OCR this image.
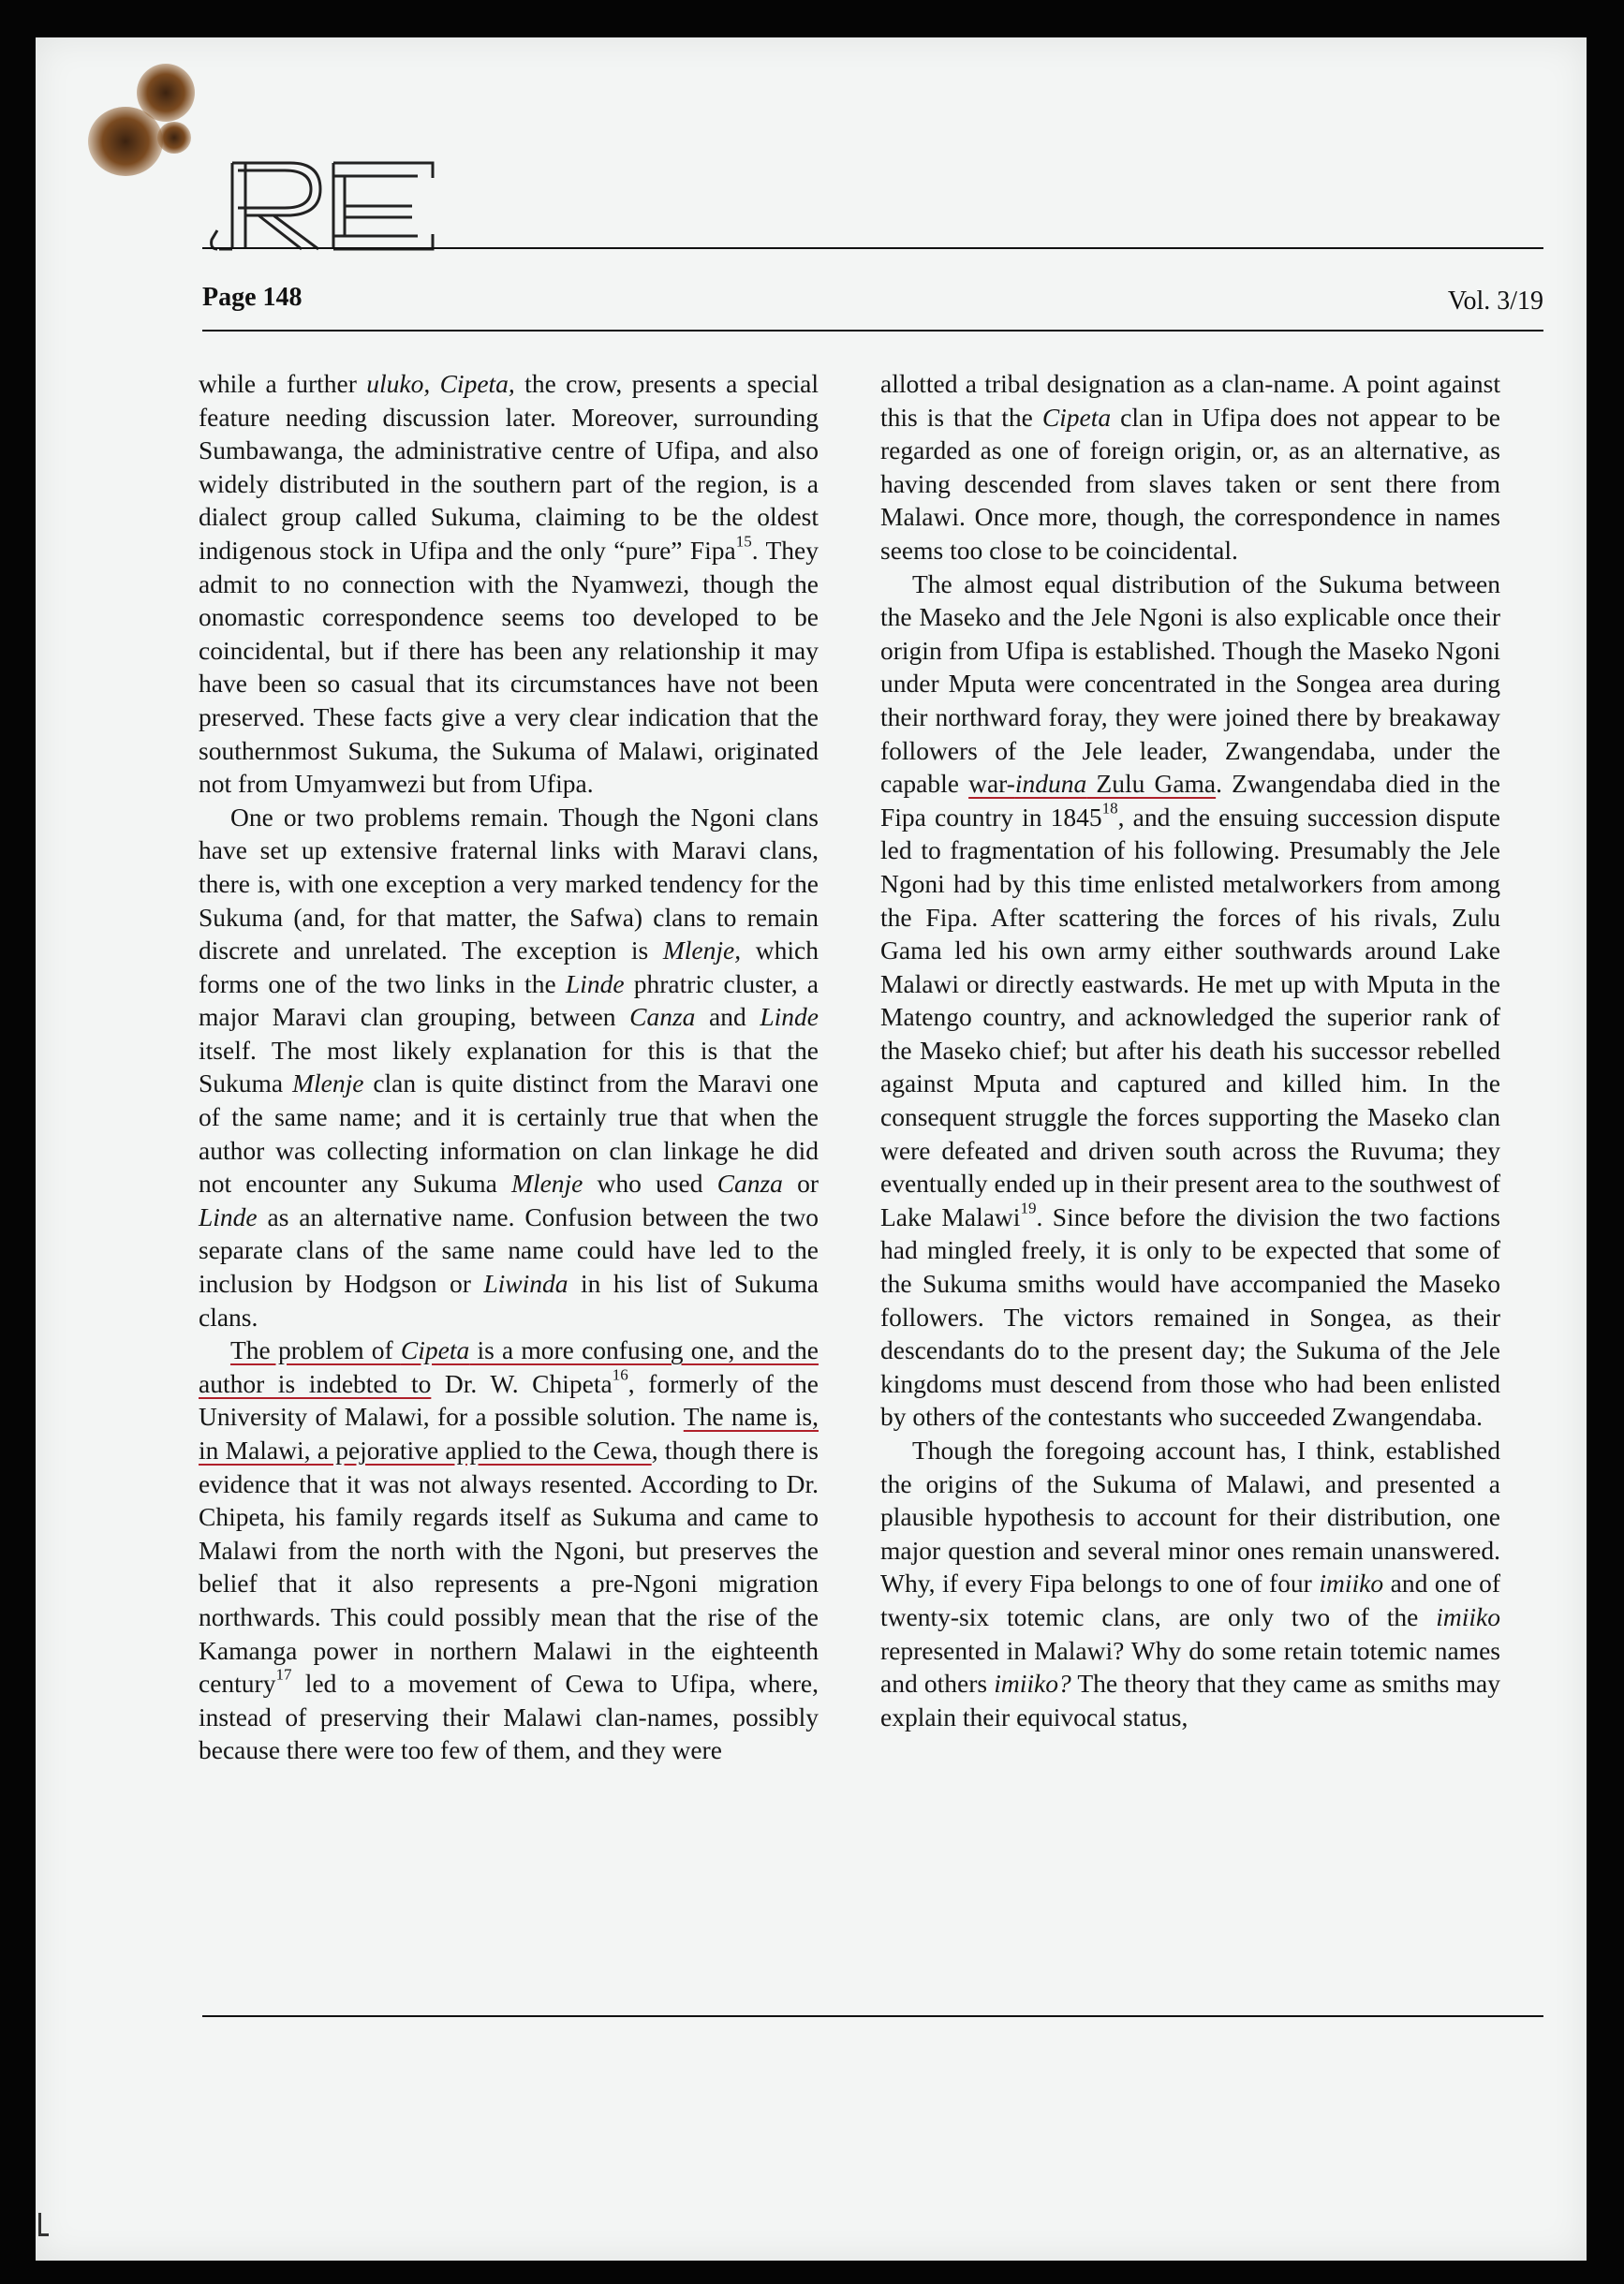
Page 148	Vol. 3/19

while a further uluko, Cipeta, the crow, presents a special feature needing discussion later. Moreover, surrounding Sumbawanga, the administrative centre of Ufipa, and also widely distributed in the southern part of the region, is a dialect group called Sukuma, claiming to be the oldest indigenous stock in Ufipa and the only “pure” Fipa$^{15}$. They admit to no connection with the Nyamwezi, though the onomastic correspondence seems too developed to be coincidental, but if there has been any relationship it may have been so casual that its circumstances have not been preserved. These facts give a very clear indication that the southernmost Sukuma, the Sukuma of Malawi, originated not from Umyamwezi but from Ufipa.

One or two problems remain. Though the Ngoni clans have set up extensive fraternal links with Maravi clans, there is, with one exception a very marked tendency for the Sukuma (and, for that matter, the Safwa) clans to remain discrete and unrelated. The exception is Mlenje, which forms one of the two links in the Linde phratric cluster, a major Maravi clan grouping, between Canza and Linde itself. The most likely explanation for this is that the Sukuma Mlenje clan is quite distinct from the Maravi one of the same name; and it is certainly true that when the author was collecting information on clan linkage he did not encounter any Sukuma Mlenje who used Canza or Linde as an alternative name. Confusion between the two separate clans of the same name could have led to the inclusion by Hodgson or Liwinda in his list of Sukuma clans.

The problem of Cipeta is a more confusing one, and the author is indebted to Dr. W. Chipeta$^{16}$, formerly of the University of Malawi, for a possible solution. The name is, in Malawi, a pejorative applied to the Cewa, though there is evidence that it was not always resented. According to Dr. Chipeta, his family regards itself as Sukuma and came to Malawi from the north with the Ngoni, but preserves the belief that it also represents a pre-Ngoni migration northwards. This could possibly mean that the rise of the Kamanga power in northern Malawi in the eighteenth century$^{17}$ led to a movement of Cewa to Ufipa, where, instead of preserving their Malawi clan-names, possibly because there were too few of them, and they were

allotted a tribal designation as a clan-name. A point against this is that the Cipeta clan in Ufipa does not appear to be regarded as one of foreign origin, or, as an alternative, as having descended from slaves taken or sent there from Malawi. Once more, though, the correspondence in names seems too close to be coincidental.

The almost equal distribution of the Sukuma between the Maseko and the Jele Ngoni is also explicable once their origin from Ufipa is established. Though the Maseko Ngoni under Mputa were concentrated in the Songea area during their northward foray, they were joined there by breakaway followers of the Jele leader, Zwangendaba, under the capable war-induna Zulu Gama. Zwangendaba died in the Fipa country in 1845$^{18}$, and the ensuing succession dispute led to fragmentation of his following. Presumably the Jele Ngoni had by this time enlisted metalworkers from among the Fipa. After scattering the forces of his rivals, Zulu Gama led his own army either southwards around Lake Malawi or directly eastwards. He met up with Mputa in the Matengo country, and acknowledged the superior rank of the Maseko chief; but after his death his successor rebelled against Mputa and captured and killed him. In the consequent struggle the forces supporting the Maseko clan were defeated and driven south across the Ruvuma; they eventually ended up in their present area to the southwest of Lake Malawi$^{19}$. Since before the division the two factions had mingled freely, it is only to be expected that some of the Sukuma smiths would have accompanied the Maseko followers. The victors remained in Songea, as their descendants do to the present day; the Sukuma of the Jele kingdoms must descend from those who had been enlisted by others of the contestants who succeeded Zwangendaba.

Though the foregoing account has, I think, established the origins of the Sukuma of Malawi, and presented a plausible hypothesis to account for their distribution, one major question and several minor ones remain unanswered. Why, if every Fipa belongs to one of four imiiko and one of twenty-six totemic clans, are only two of the imiiko represented in Malawi? Why do some retain totemic names and others imiiko? The theory that they came as smiths may explain their equivocal status,
